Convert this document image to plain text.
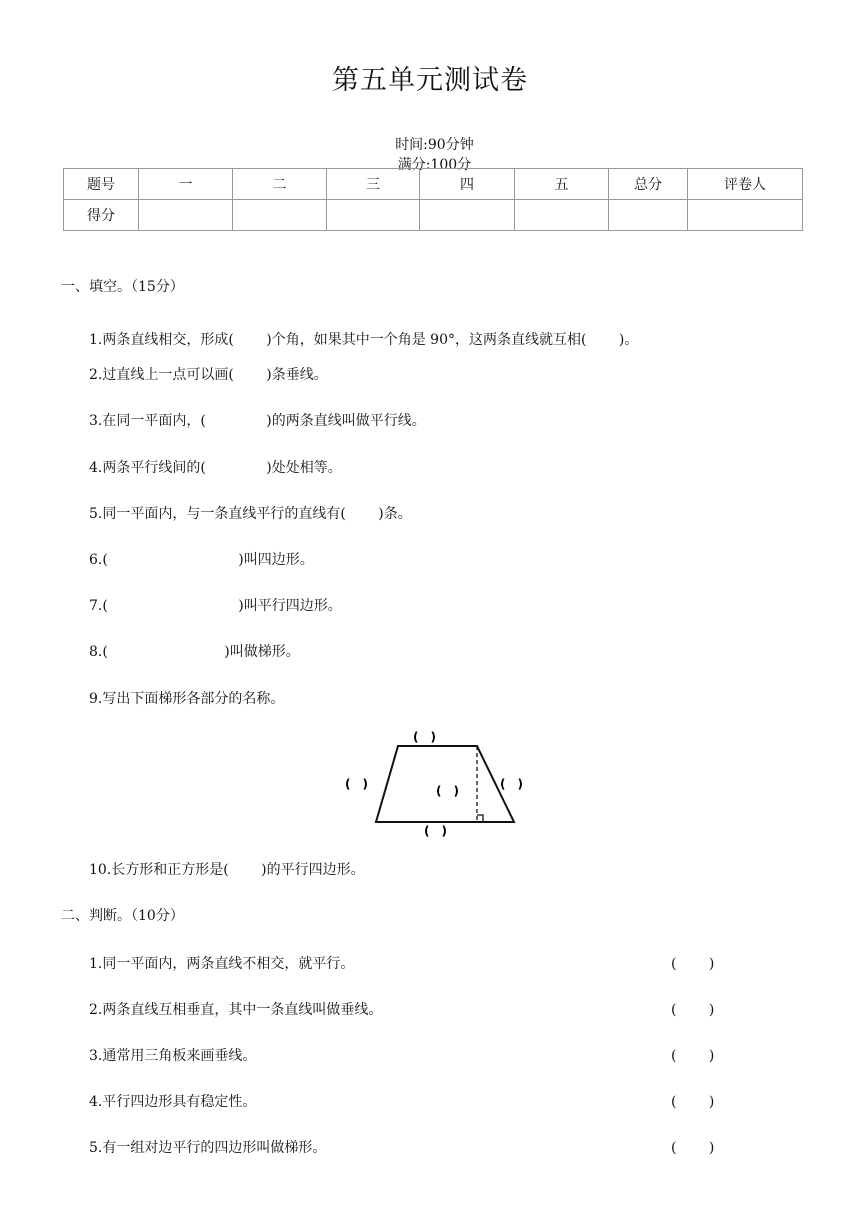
第五单元测试卷

时间:90分钟
满分:100分

题号	一	二	三	四	五	总分	评卷人
得分							
一、填空。（15分）
1.两条直线相交，形成(　　 )个角，如果其中一个角是 90°，这两条直线就互相(　　 )。
2.过直线上一点可以画(　　 )条垂线。
3.在同一平面内，(　　　　 )的两条直线叫做平行线。
4.两条平行线间的(　　　　 )处处相等。
5.同一平面内，与一条直线平行的直线有(　　 )条。
6.(　　　　　　　　　 )叫四边形。
7.(　　　　　　　　　 )叫平行四边形。
8.(　　　　　　　　 )叫做梯形。
9.写出下面梯形各部分的名称。
(　)
(　)	(　)	(　)
(　)
10.长方形和正方形是(　　 )的平行四边形。
二、判断。（10分）
1.同一平面内，两条直线不相交，就平行。	(　　 )
2.两条直线互相垂直，其中一条直线叫做垂线。	(　　 )
3.通常用三角板来画垂线。	(　　 )
4.平行四边形具有稳定性。	(　　 )
5.有一组对边平行的四边形叫做梯形。	(　　 )
